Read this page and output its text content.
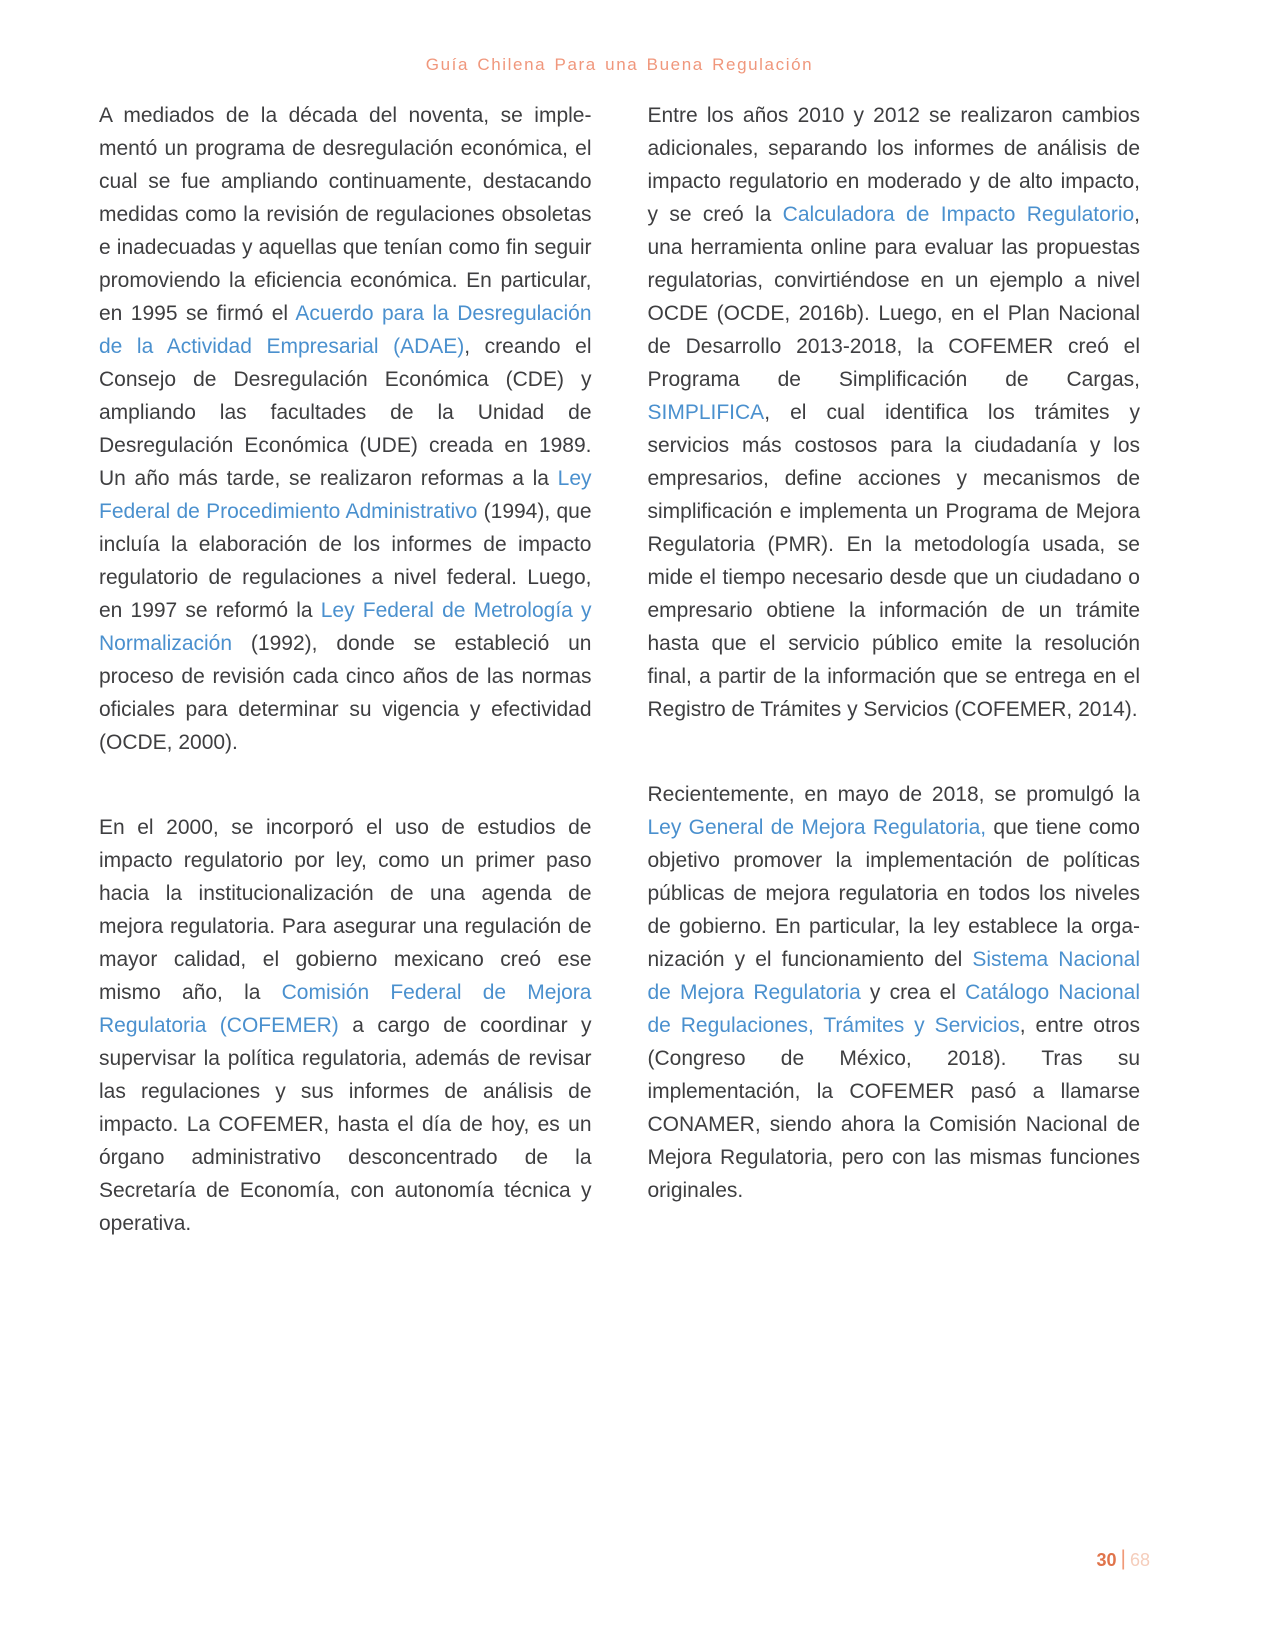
Guía Chilena Para una Buena Regulación

A mediados de la década del noventa, se implementó un programa de desregulación económica, el cual se fue ampliando continuamente, destacando medidas como la revisión de regulaciones obsoletas e inadecuadas y aquellas que tenían como fin seguir promoviendo la eficiencia económica. En particular, en 1995 se firmó el Acuerdo para la Desregulación de la Actividad Empresarial (ADAE), creando el Consejo de Desregulación Económica (CDE) y ampliando las facultades de la Unidad de Desregulación Económica (UDE) creada en 1989. Un año más tarde, se realizaron reformas a la Ley Federal de Procedimiento Administrativo (1994), que incluía la elaboración de los informes de impacto regulatorio de regulaciones a nivel federal. Luego, en 1997 se reformó la Ley Federal de Metrología y Normalización (1992), donde se estableció un proceso de revisión cada cinco años de las normas oficiales para determinar su vigencia y efectividad (OCDE, 2000).

En el 2000, se incorporó el uso de estudios de impacto regulatorio por ley, como un primer paso hacia la institucionalización de una agenda de mejora regulatoria. Para asegurar una regulación de mayor calidad, el gobierno mexicano creó ese mismo año, la Comisión Federal de Mejora Regulatoria (COFEMER) a cargo de coordinar y supervisar la política regulatoria, además de revisar las regulaciones y sus informes de análisis de impacto. La COFEMER, hasta el día de hoy, es un órgano administrativo desconcentrado de la Secretaría de Economía, con autonomía técnica y operativa.

Entre los años 2010 y 2012 se realizaron cambios adicionales, separando los informes de análisis de impacto regulatorio en moderado y de alto impacto, y se creó la Calculadora de Impacto Regulatorio, una herramienta online para evaluar las propuestas regulatorias, convirtiéndose en un ejemplo a nivel OCDE (OCDE, 2016b). Luego, en el Plan Nacional de Desarrollo 2013-2018, la COFEMER creó el Programa de Simplificación de Cargas, SIMPLIFICA, el cual identifica los trámites y servicios más costosos para la ciudadanía y los empresarios, define acciones y mecanismos de simplificación e implementa un Programa de Mejora Regulatoria (PMR). En la metodología usada, se mide el tiempo necesario desde que un ciudadano o empresario obtiene la información de un trámite hasta que el servicio público emite la resolución final, a partir de la información que se entrega en el Registro de Trámites y Servicios (COFEMER, 2014).

Recientemente, en mayo de 2018, se promulgó la Ley General de Mejora Regulatoria, que tiene como objetivo promover la implementación de políticas públicas de mejora regulatoria en todos los niveles de gobierno. En particular, la ley establece la organización y el funcionamiento del Sistema Nacional de Mejora Regulatoria y crea el Catálogo Nacional de Regulaciones, Trámites y Servicios, entre otros (Congreso de México, 2018). Tras su implementación, la COFEMER pasó a llamarse CONAMER, siendo ahora la Comisión Nacional de Mejora Regulatoria, pero con las mismas funciones originales.

30 | 68
